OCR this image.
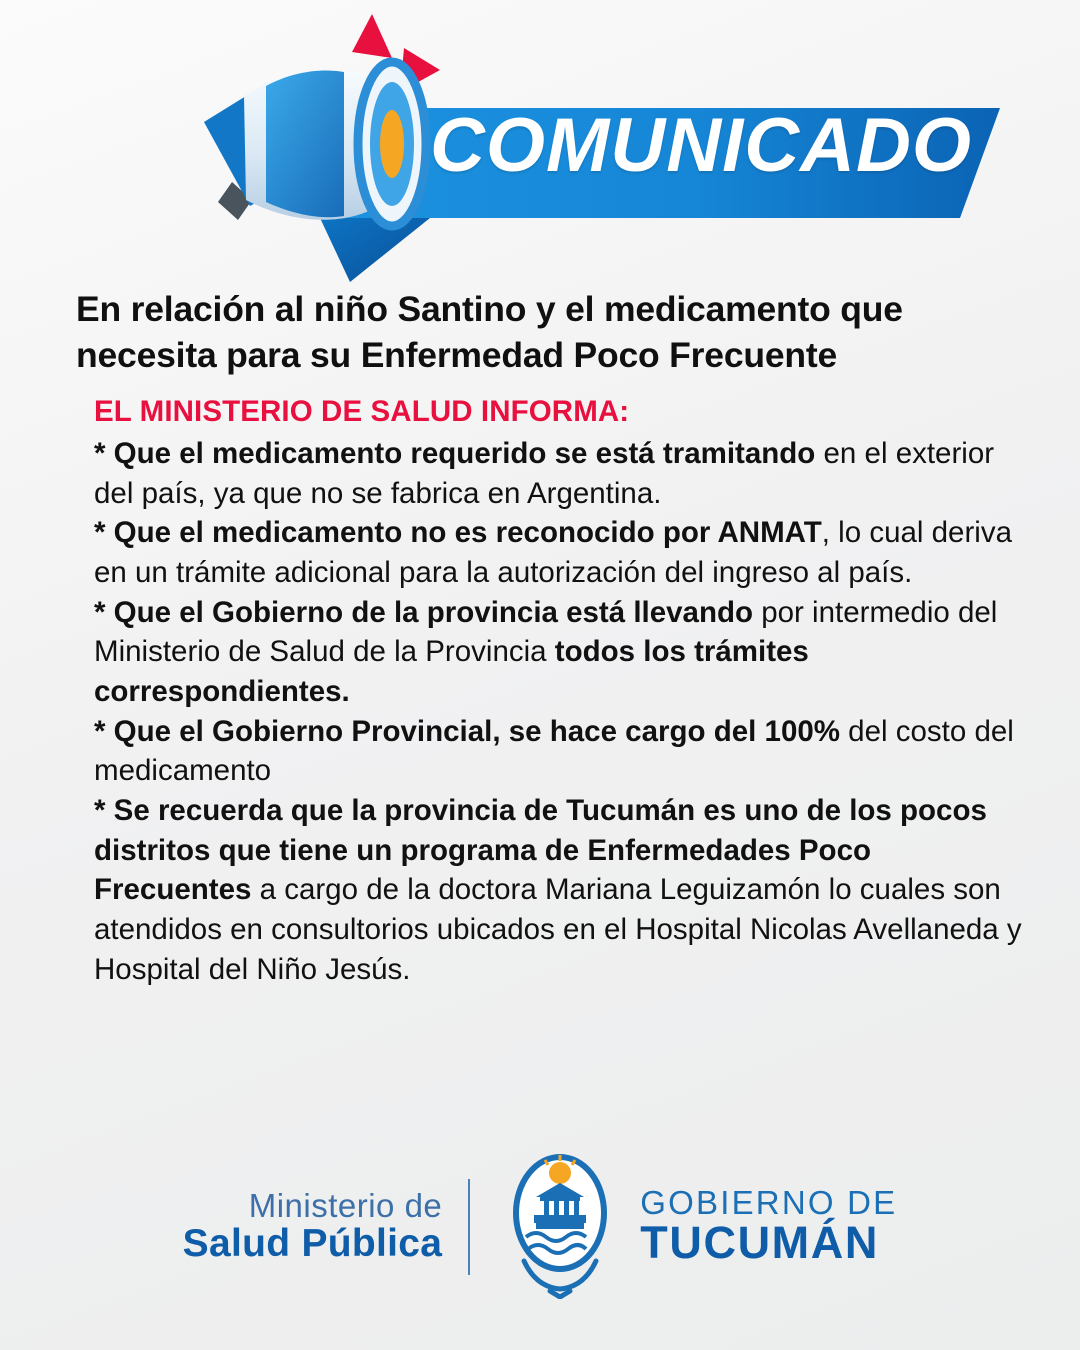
COMUNICADO
En relación al niño Santino y el medicamento que necesita para su Enfermedad Poco Frecuente
EL MINISTERIO DE SALUD INFORMA:

* Que el medicamento requerido se está tramitando en el exterior del país, ya que no se fabrica en Argentina.

* Que el medicamento no es reconocido por ANMAT, lo cual deriva en un trámite adicional para la autorización del ingreso al país.

* Que el Gobierno de la provincia está llevando por intermedio del Ministerio de Salud de la Provincia todos los trámites correspondientes.

* Que el Gobierno Provincial, se hace cargo del 100% del costo del medicamento

* Se recuerda que la provincia de Tucumán es uno de los pocos distritos que tiene un programa de Enfermedades Poco Frecuentes a cargo de la doctora Mariana Leguizamón lo cuales son atendidos en consultorios ubicados en el Hospital Nicolas Avellaneda y Hospital del Niño Jesús.

Ministerio de
Salud Pública
GOBIERNO DE
TUCUMÁN
